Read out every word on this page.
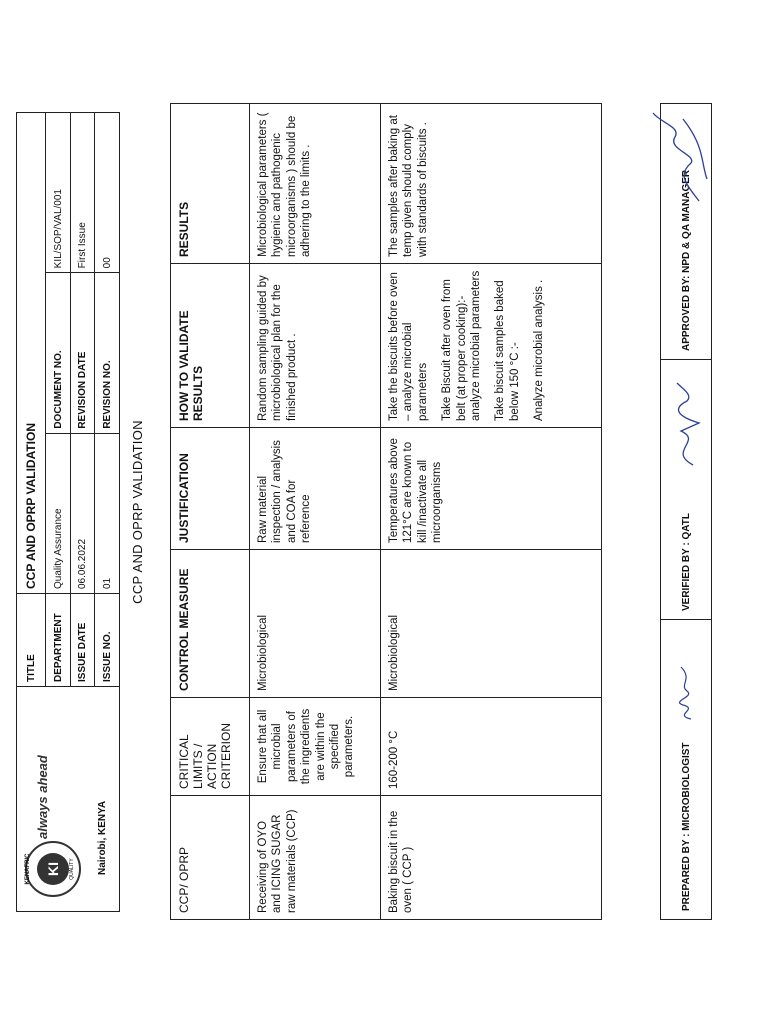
KENAFRIC KI QUALITY
always ahead Nairobi, KENYA	TITLE	CCP AND OPRP VALIDATION		
	DEPARTMENT	Quality Assurance	DOCUMENT NO.	KIL/SOP/VAL/001
	ISSUE DATE	06.06.2022	REVISION DATE	First Issue
	ISSUE NO.	01	REVISION NO.	00
CCP AND OPRP VALIDATION
CCP/ OPRP	CRITICAL LIMITS / ACTION CRITERION	CONTROL MEASURE	JUSTIFICATION	HOW TO VALIDATE RESULTS	RESULTS
Receiving of OYO and ICING SUGAR raw materials (CCP)	Ensure that all microbial parameters of the ingredients are within the specified parameters.	Microbiological	Raw material inspection / analysis and COA for reference	Random sampling guided by microbiological plan for the finished product .	Microbiological parameters ( hygienic and pathogenic microorganisms ) should be adhering to the limits .
Baking biscuit in the oven ( CCP )	160-200 °C	Microbiological	Temperatures above 121°C are known to kill /inactivate all microorganisms	Take the biscuits before oven – analyze microbial parameters Take Biscuit after oven from belt (at proper cooking):- analyze microbial parameters Take biscuit samples baked below 150 °C :- Analyze microbial analysis .	The samples after baking at temp given should comply with standards of biscuits .
PREPARED BY : MICROBIOLOGIST
	VERIFIED BY : QATL
	APPROVED BY: NPD & QA MANAGER
